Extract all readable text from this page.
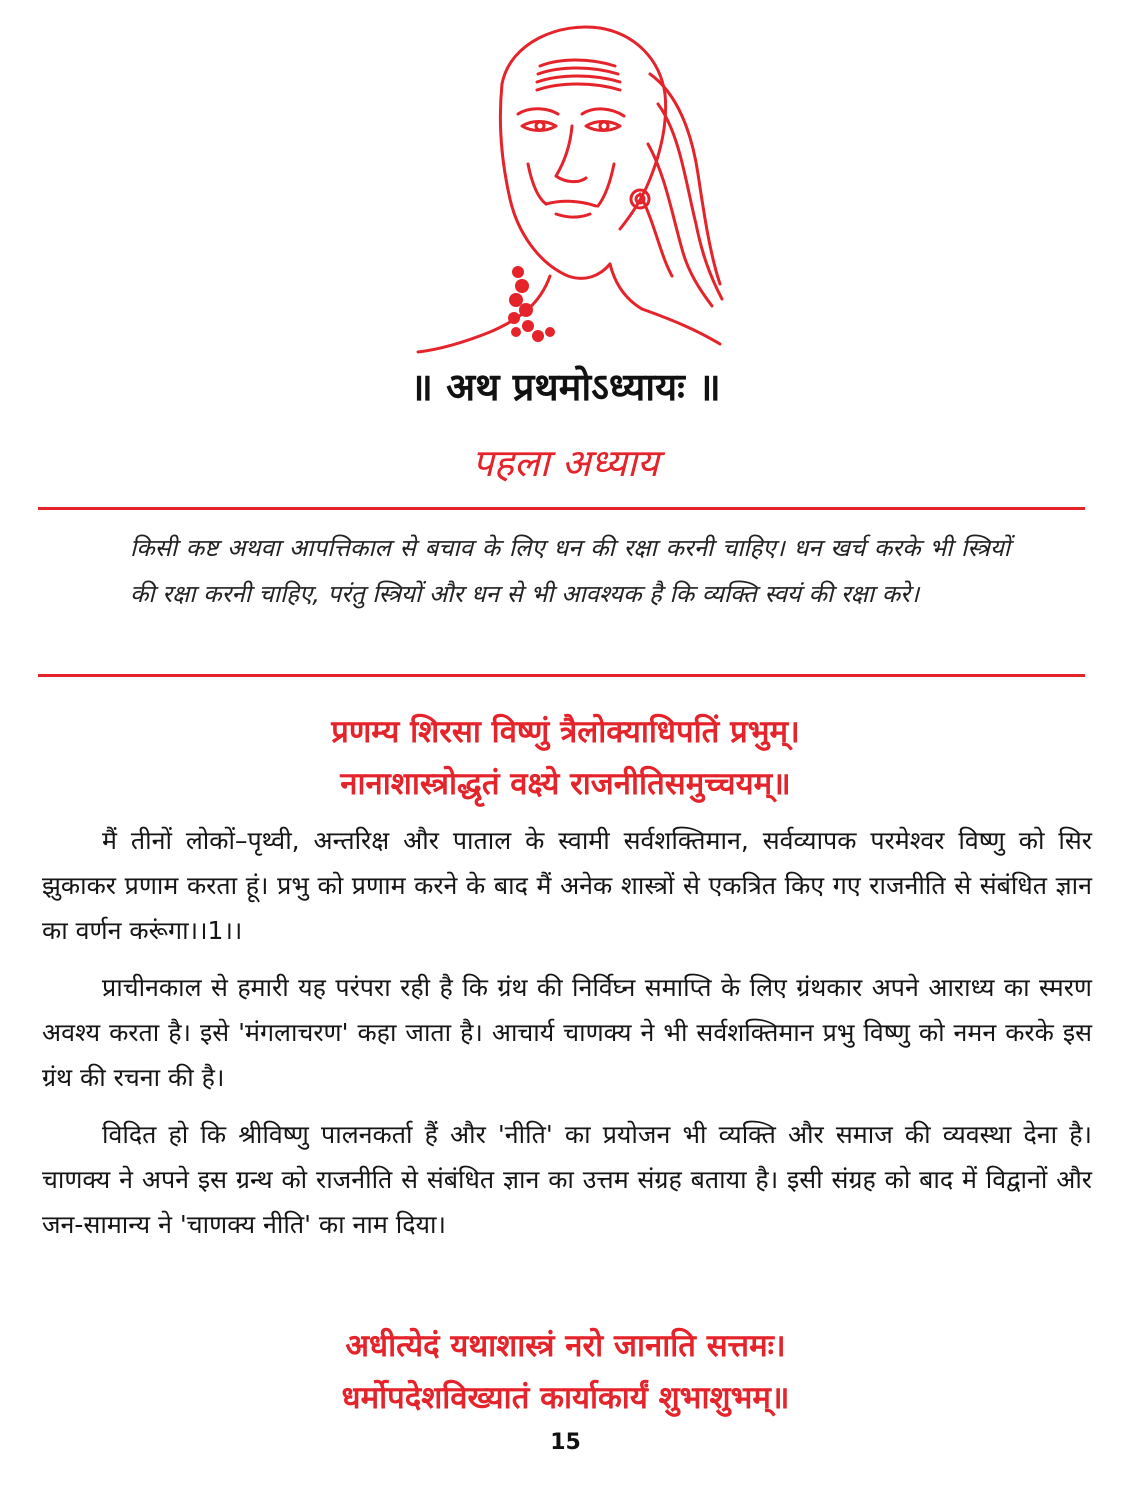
॥ अथ प्रथमोऽध्यायः ॥
पहला अध्याय
किसी कष्ट अथवा आपत्तिकाल से बचाव के लिए धन की रक्षा करनी चाहिए। धन खर्च करके भी स्त्रियों की रक्षा करनी चाहिए, परंतु स्त्रियों और धन से भी आवश्यक है कि व्यक्ति स्वयं की रक्षा करे।
प्रणम्य शिरसा विष्णुं त्रैलोक्याधिपतिं प्रभुम्।
नानाशास्त्रोद्धृतं वक्ष्ये राजनीतिसमुच्चयम्॥

मैं तीनों लोकों–पृथ्वी, अन्तरिक्ष और पाताल के स्वामी सर्वशक्तिमान, सर्वव्यापक परमेश्वर विष्णु को सिर झुकाकर प्रणाम करता हूं। प्रभु को प्रणाम करने के बाद मैं अनेक शास्त्रों से एकत्रित किए गए राजनीति से संबंधित ज्ञान का वर्णन करूंगा।।1।।

प्राचीनकाल से हमारी यह परंपरा रही है कि ग्रंथ की निर्विघ्न समाप्ति के लिए ग्रंथकार अपने आराध्य का स्मरण अवश्य करता है। इसे 'मंगलाचरण' कहा जाता है। आचार्य चाणक्य ने भी सर्वशक्तिमान प्रभु विष्णु को नमन करके इस ग्रंथ की रचना की है।

विदित हो कि श्रीविष्णु पालनकर्ता हैं और 'नीति' का प्रयोजन भी व्यक्ति और समाज की व्यवस्था देना है। चाणक्य ने अपने इस ग्रन्थ को राजनीति से संबंधित ज्ञान का उत्तम संग्रह बताया है। इसी संग्रह को बाद में विद्वानों और जन-सामान्य ने 'चाणक्य नीति' का नाम दिया।

अधीत्येदं यथाशास्त्रं नरो जानाति सत्तमः।
धर्मोपदेशविख्यातं कार्याकार्यं शुभाशुभम्॥
15
